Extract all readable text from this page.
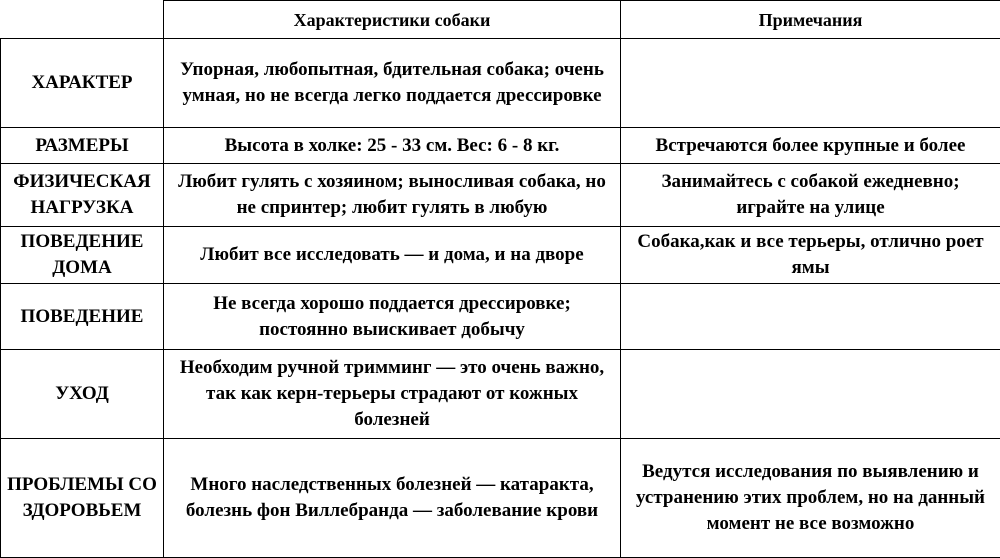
	Характеристики собаки	Примечания
ХАРАКТЕР	Упорная, любопытная, бдительная собака; очень умная, но не всегда легко поддается дрессировке	
РАЗМЕРЫ	Высота в холке: 25 - 33 см. Вес: 6 - 8 кг.	Встречаются более крупные и более
ФИЗИЧЕСКАЯ НАГРУЗКА	Любит гулять с хозяином; выносливая собака, но не спринтер; любит гулять в любую	Занимайтесь с собакой ежедневно; играйте на улице
ПОВЕДЕНИЕ ДОМА	Любит все исследовать — и дома, и на дворе	Собака,как и все терьеры, отлично роет ямы
ПОВЕДЕНИЕ	Не всегда хорошо поддается дрессировке; постоянно выискивает добычу	
УХОД	Необходим ручной тримминг — это очень важно, так как керн-терьеры страдают от кожных болезней	
ПРОБЛЕМЫ СО ЗДОРОВЬЕМ	Много наследственных болезней — катаракта, болезнь фон Виллебранда — заболевание крови	Ведутся исследования по выявлению и устранению этих проблем, но на данный момент не все возможно
